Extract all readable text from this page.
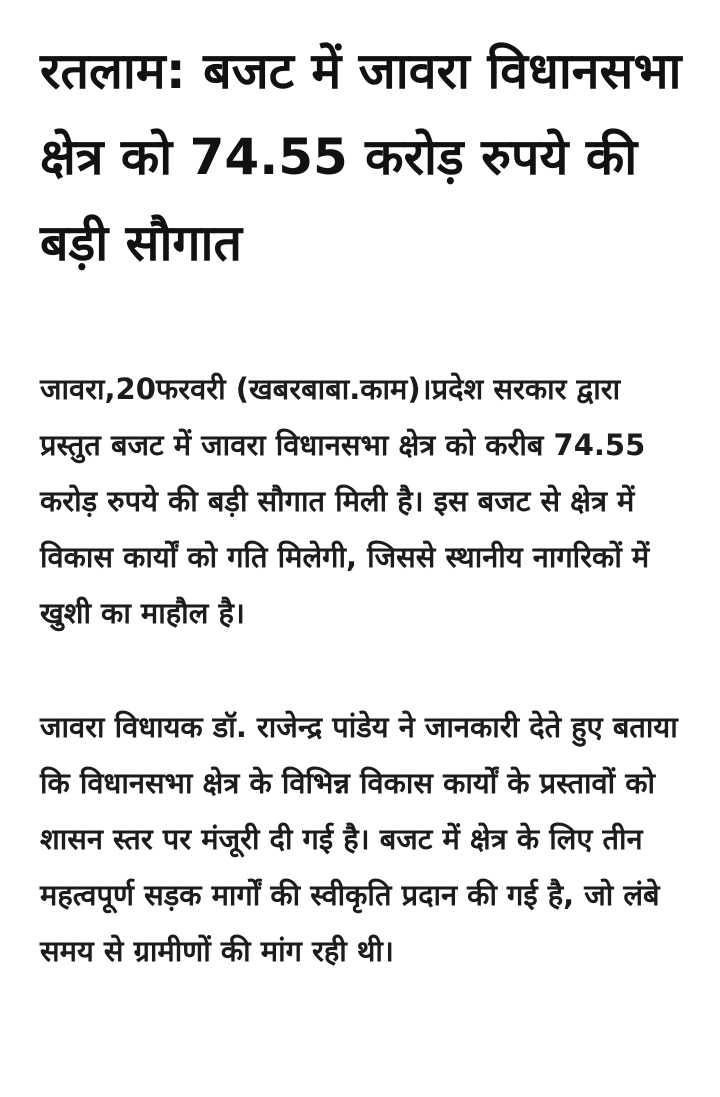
रतलाम: बजट में जावरा विधानसभा क्षेत्र को 74.55 करोड़ रुपये की बड़ी सौगात

जावरा,20फरवरी (खबरबाबा.काम)।प्रदेश सरकार द्वारा प्रस्तुत बजट में जावरा विधानसभा क्षेत्र को करीब 74.55 करोड़ रुपये की बड़ी सौगात मिली है। इस बजट से क्षेत्र में विकास कार्यों को गति मिलेगी, जिससे स्थानीय नागरिकों में खुशी का माहौल है।

जावरा विधायक डॉ. राजेन्द्र पांडेय ने जानकारी देते हुए बताया कि विधानसभा क्षेत्र के विभिन्न विकास कार्यों के प्रस्तावों को शासन स्तर पर मंजूरी दी गई है। बजट में क्षेत्र के लिए तीन महत्वपूर्ण सड़क मार्गों की स्वीकृति प्रदान की गई है, जो लंबे समय से ग्रामीणों की मांग रही थी।
